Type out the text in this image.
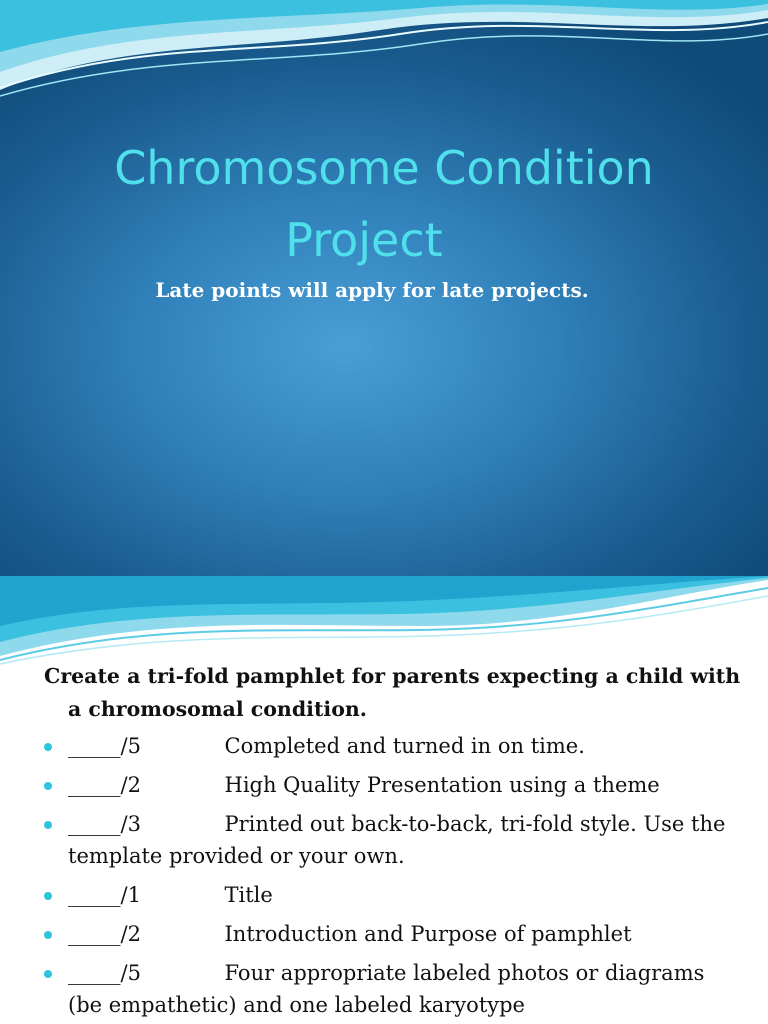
Chromosome Condition
Project

Late points will apply for late projects.

Create a tri-fold pamphlet for parents expecting a child with a chromosomal condition.

_____/5	Completed and turned in on time.
_____/2	High Quality Presentation using a theme
_____/3	Printed out back-to-back, tri-fold style. Use the template provided or your own.
_____/1	Title
_____/2	Introduction and Purpose of pamphlet
_____/5	Four appropriate labeled photos or diagrams (be empathetic) and one labeled karyotype
